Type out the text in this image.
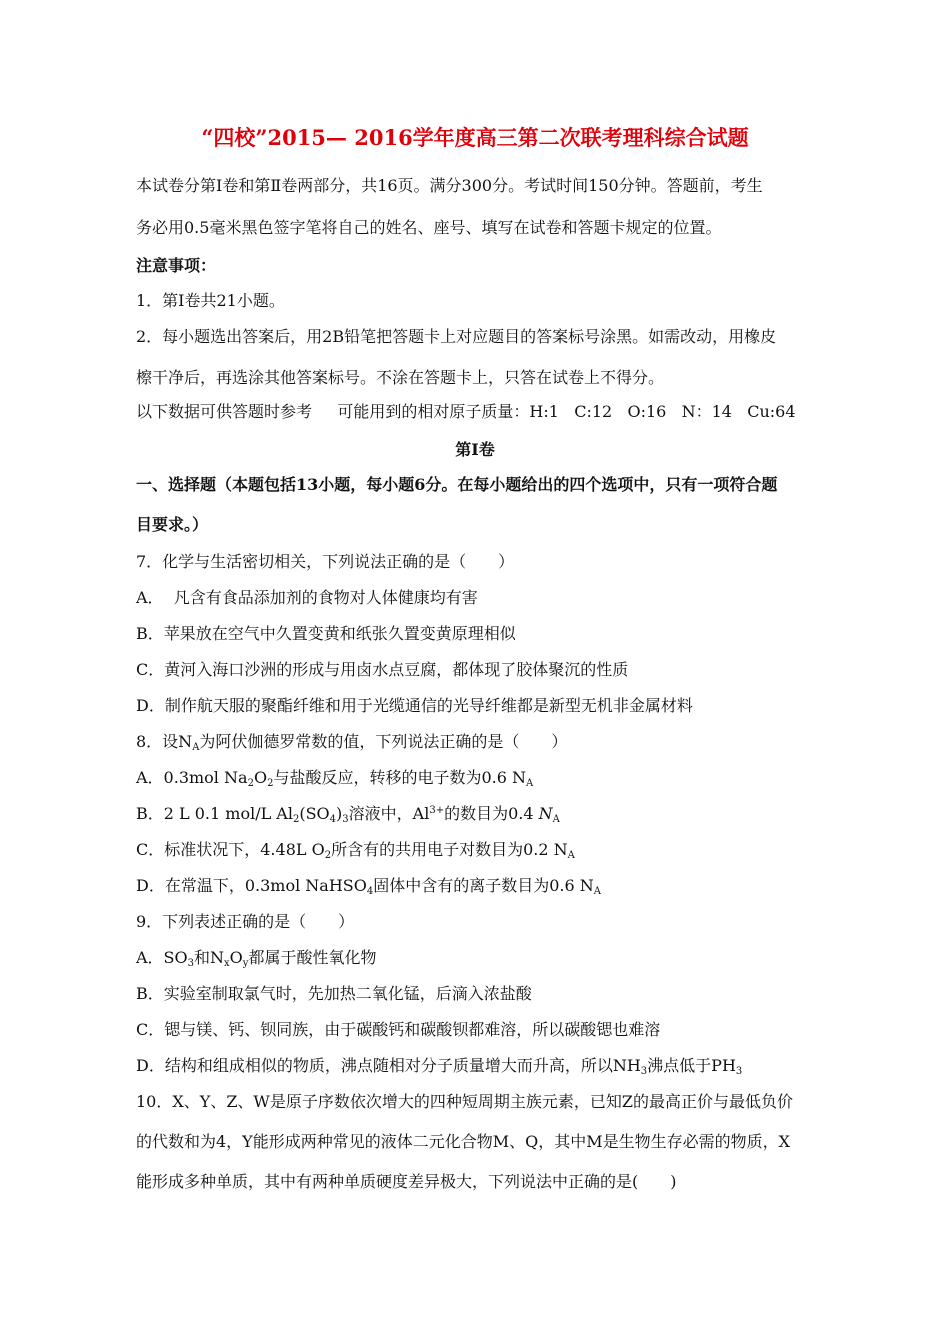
“四校”2015— 2016学年度高三第二次联考理科综合试题
本试卷分第Ⅰ卷和第Ⅱ卷两部分，共16页。满分300分。考试时间150分钟。答题前，考生
务必用0.5毫米黑色签字笔将自己的姓名、座号、填写在试卷和答题卡规定的位置。
注意事项：
1．第Ⅰ卷共21小题。
2．每小题选出答案后，用2B铅笔把答题卡上对应题目的答案标号涂黑。如需改动，用橡皮
檫干净后，再选涂其他答案标号。不涂在答题卡上，只答在试卷上不得分。
以下数据可供答题时参考     可能用到的相对原子质量：H:1   C:12   O:16   N：14   Cu:64
第Ⅰ卷
一、选择题（本题包括13小题，每小题6分。在每小题给出的四个选项中，只有一项符合题
目要求。）
7．化学与生活密切相关，下列说法正确的是（　　）
A．  凡含有食品添加剂的食物对人体健康均有害
B．苹果放在空气中久置变黄和纸张久置变黄原理相似
C．黄河入海口沙洲的形成与用卤水点豆腐，都体现了胶体聚沉的性质
D．制作航天服的聚酯纤维和用于光缆通信的光导纤维都是新型无机非金属材料
8．设$N_A$为阿伏伽德罗常数的值，下列说法正确的是（　　）
A．0.3mol $Na_2O_2$与盐酸反应，转移的电子数为0.6 $N_A$
B．2 L 0.1 mol/L $Al_2(SO_4)_3$溶液中，$Al^{3+}$的数目为0.4 $N_A$
C．标准状况下，4.48L $O_2$所含有的共用电子对数目为0.2 $N_A$
D．在常温下，0.3mol NaHSO$_4$固体中含有的离子数目为0.6 $N_A$
9．下列表述正确的是（　　）
A．$SO_3$和$N_xO_y$都属于酸性氧化物
B．实验室制取氯气时，先加热二氧化锰，后滴入浓盐酸
C．锶与镁、钙、钡同族，由于碳酸钙和碳酸钡都难溶，所以碳酸锶也难溶
D．结构和组成相似的物质，沸点随相对分子质量增大而升高，所以$NH_3$沸点低于$PH_3$
10．X、Y、Z、W是原子序数依次增大的四种短周期主族元素，已知Z的最高正价与最低负价
的代数和为4，Y能形成两种常见的液体二元化合物M、Q，其中M是生物生存必需的物质，X
能形成多种单质，其中有两种单质硬度差异极大，下列说法中正确的是(　　)
